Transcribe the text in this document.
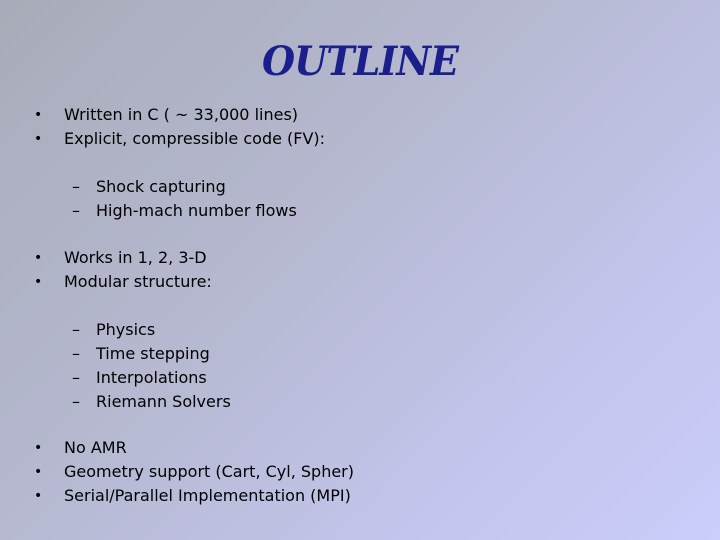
OUTLINE
• Written in C ( ~ 33,000 lines)
• Explicit, compressible code (FV):
– Shock capturing
– High-mach number flows
• Works in 1, 2, 3-D
• Modular structure:
– Physics
– Time stepping
– Interpolations
– Riemann Solvers
• No AMR
• Geometry support (Cart, Cyl, Spher)
• Serial/Parallel Implementation (MPI)
